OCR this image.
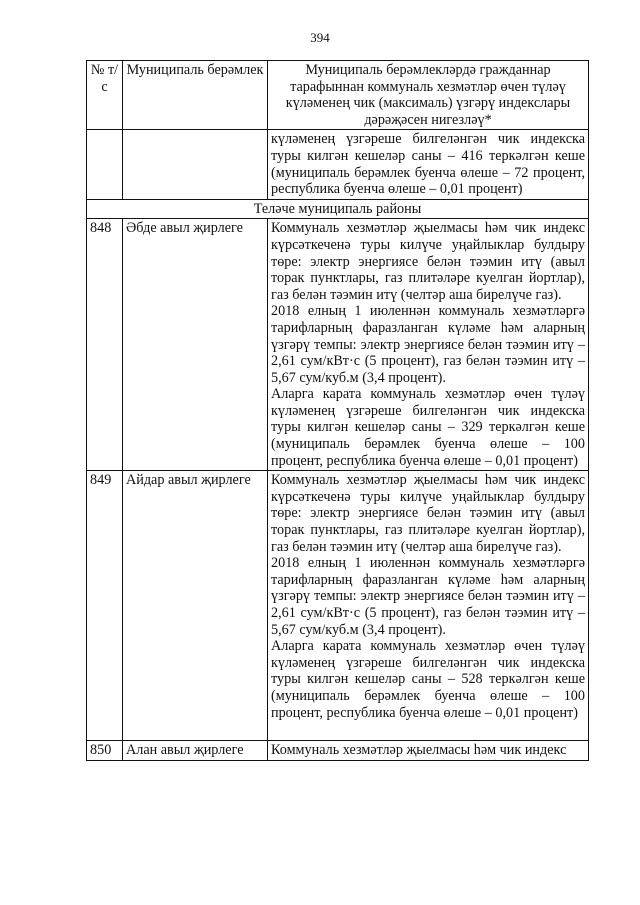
394
№ т/с	Муниципаль берәмлек	Муниципаль берәмлекләрдә гражданнар тарафыннан коммуналь хезмәтләр өчен түләү күләменең чик (максималь) үзгәрү индекслары дәрәҗәсен нигезләү*
		күләменең үзгәреше билгеләнгән чик индекска туры килгән кешеләр саны – 416 теркәлгән кеше (муниципаль берәмлек буенча өлеше – 72 процент, республика буенча өлеше – 0,01 процент)
Теләче муниципаль районы		
848	Әбде авыл җирлеге	Коммуналь хезмәтләр җыелмасы һәм чик индекс күрсәткеченә туры килүче уңайлыклар булдыру төре: электр энергиясе белән тәэмин итү (авыл торак пунктлары, газ плитәләре куелган йортлар), газ белән тәэмин итү (челтәр аша бирелүче газ).

2018 елның 1 июленнән коммуналь хезмәтләргә тарифларның фаразланган күләме һәм аларның үзгәрү темпы: электр энергиясе белән тәэмин итү – 2,61 сум/кВт·с (5 процент), газ белән тәэмин итү – 5,67 сум/куб.м (3,4 процент).

Аларга карата коммуналь хезмәтләр өчен түләү күләменең үзгәреше билгеләнгән чик индекска туры килгән кешеләр саны – 329 теркәлгән кеше (муниципаль берәмлек буенча өлеше – 100 процент, республика буенча өлеше – 0,01 процент)

849	Айдар авыл җирлеге	Коммуналь хезмәтләр җыелмасы һәм чик индекс күрсәткеченә туры килүче уңайлыклар булдыру төре: электр энергиясе белән тәэмин итү (авыл торак пунктлары, газ плитәләре куелган йортлар), газ белән тәэмин итү (челтәр аша бирелүче газ).

2018 елның 1 июленнән коммуналь хезмәтләргә тарифларның фаразланган күләме һәм аларның үзгәрү темпы: электр энергиясе белән тәэмин итү – 2,61 сум/кВт·с (5 процент), газ белән тәэмин итү – 5,67 сум/куб.м (3,4 процент).

Аларга карата коммуналь хезмәтләр өчен түләү күләменең үзгәреше билгеләнгән чик индекска туры килгән кешеләр саны – 528 теркәлгән кеше (муниципаль берәмлек буенча өлеше – 100 процент, республика буенча өлеше – 0,01 процент)

850	Алан авыл җирлеге	Коммуналь хезмәтләр җыелмасы һәм чик индекс
